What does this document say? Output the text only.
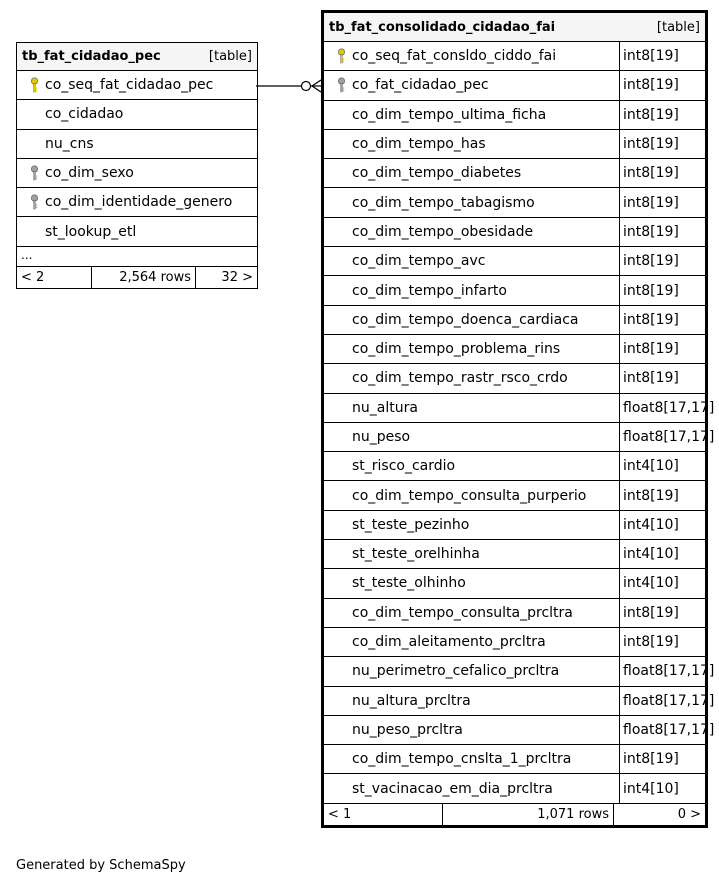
tb_fat_cidadao_pec	[table]
co_seq_fat_cidadao_pec
co_cidadao
nu_cns
co_dim_sexo
co_dim_identidade_genero
st_lookup_etl
...
< 2	2,564 rows	32 >
tb_fat_consolidado_cidadao_fai	[table]
co_seq_fat_consldo_ciddo_fai	int8[19]
co_fat_cidadao_pec	int8[19]
co_dim_tempo_ultima_ficha	int8[19]
co_dim_tempo_has	int8[19]
co_dim_tempo_diabetes	int8[19]
co_dim_tempo_tabagismo	int8[19]
co_dim_tempo_obesidade	int8[19]
co_dim_tempo_avc	int8[19]
co_dim_tempo_infarto	int8[19]
co_dim_tempo_doenca_cardiaca	int8[19]
co_dim_tempo_problema_rins	int8[19]
co_dim_tempo_rastr_rsco_crdo	int8[19]
nu_altura	float8[17,17]
nu_peso	float8[17,17]
st_risco_cardio	int4[10]
co_dim_tempo_consulta_purperio	int8[19]
st_teste_pezinho	int4[10]
st_teste_orelhinha	int4[10]
st_teste_olhinho	int4[10]
co_dim_tempo_consulta_prcltra	int8[19]
co_dim_aleitamento_prcltra	int8[19]
nu_perimetro_cefalico_prcltra	float8[17,17]
nu_altura_prcltra	float8[17,17]
nu_peso_prcltra	float8[17,17]
co_dim_tempo_cnslta_1_prcltra	int8[19]
st_vacinacao_em_dia_prcltra	int4[10]
< 1	1,071 rows	0 >
Generated by SchemaSpy
